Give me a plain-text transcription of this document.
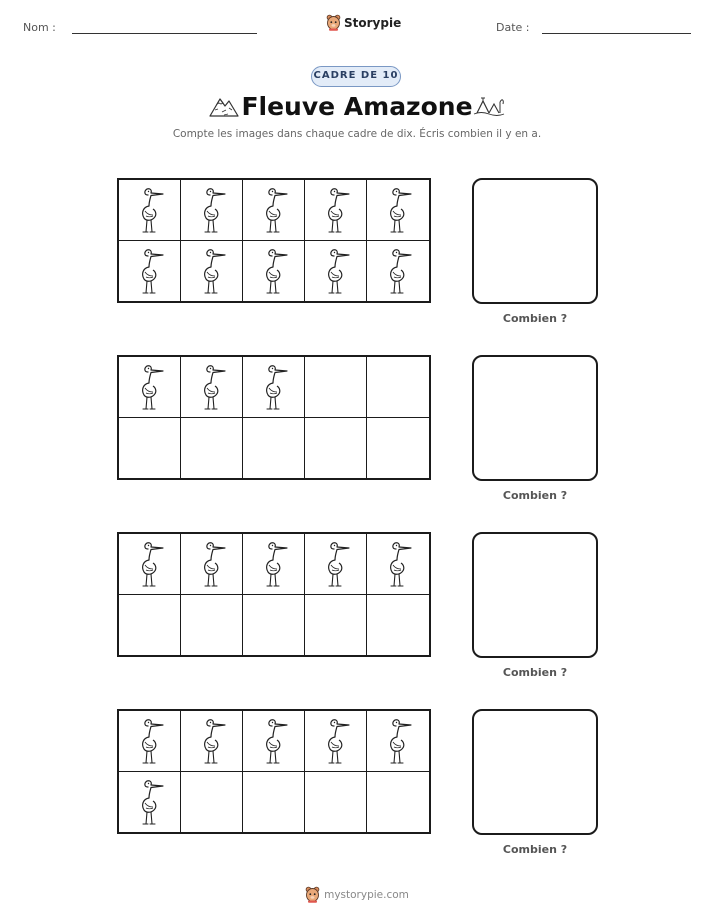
Nom :	Storypie	Date :
CADRE DE 10
Fleuve Amazone
Compte les images dans chaque cadre de dix. Écris combien il y en a.
Combien ?
Combien ?
Combien ?
Combien ?
mystorypie.com
